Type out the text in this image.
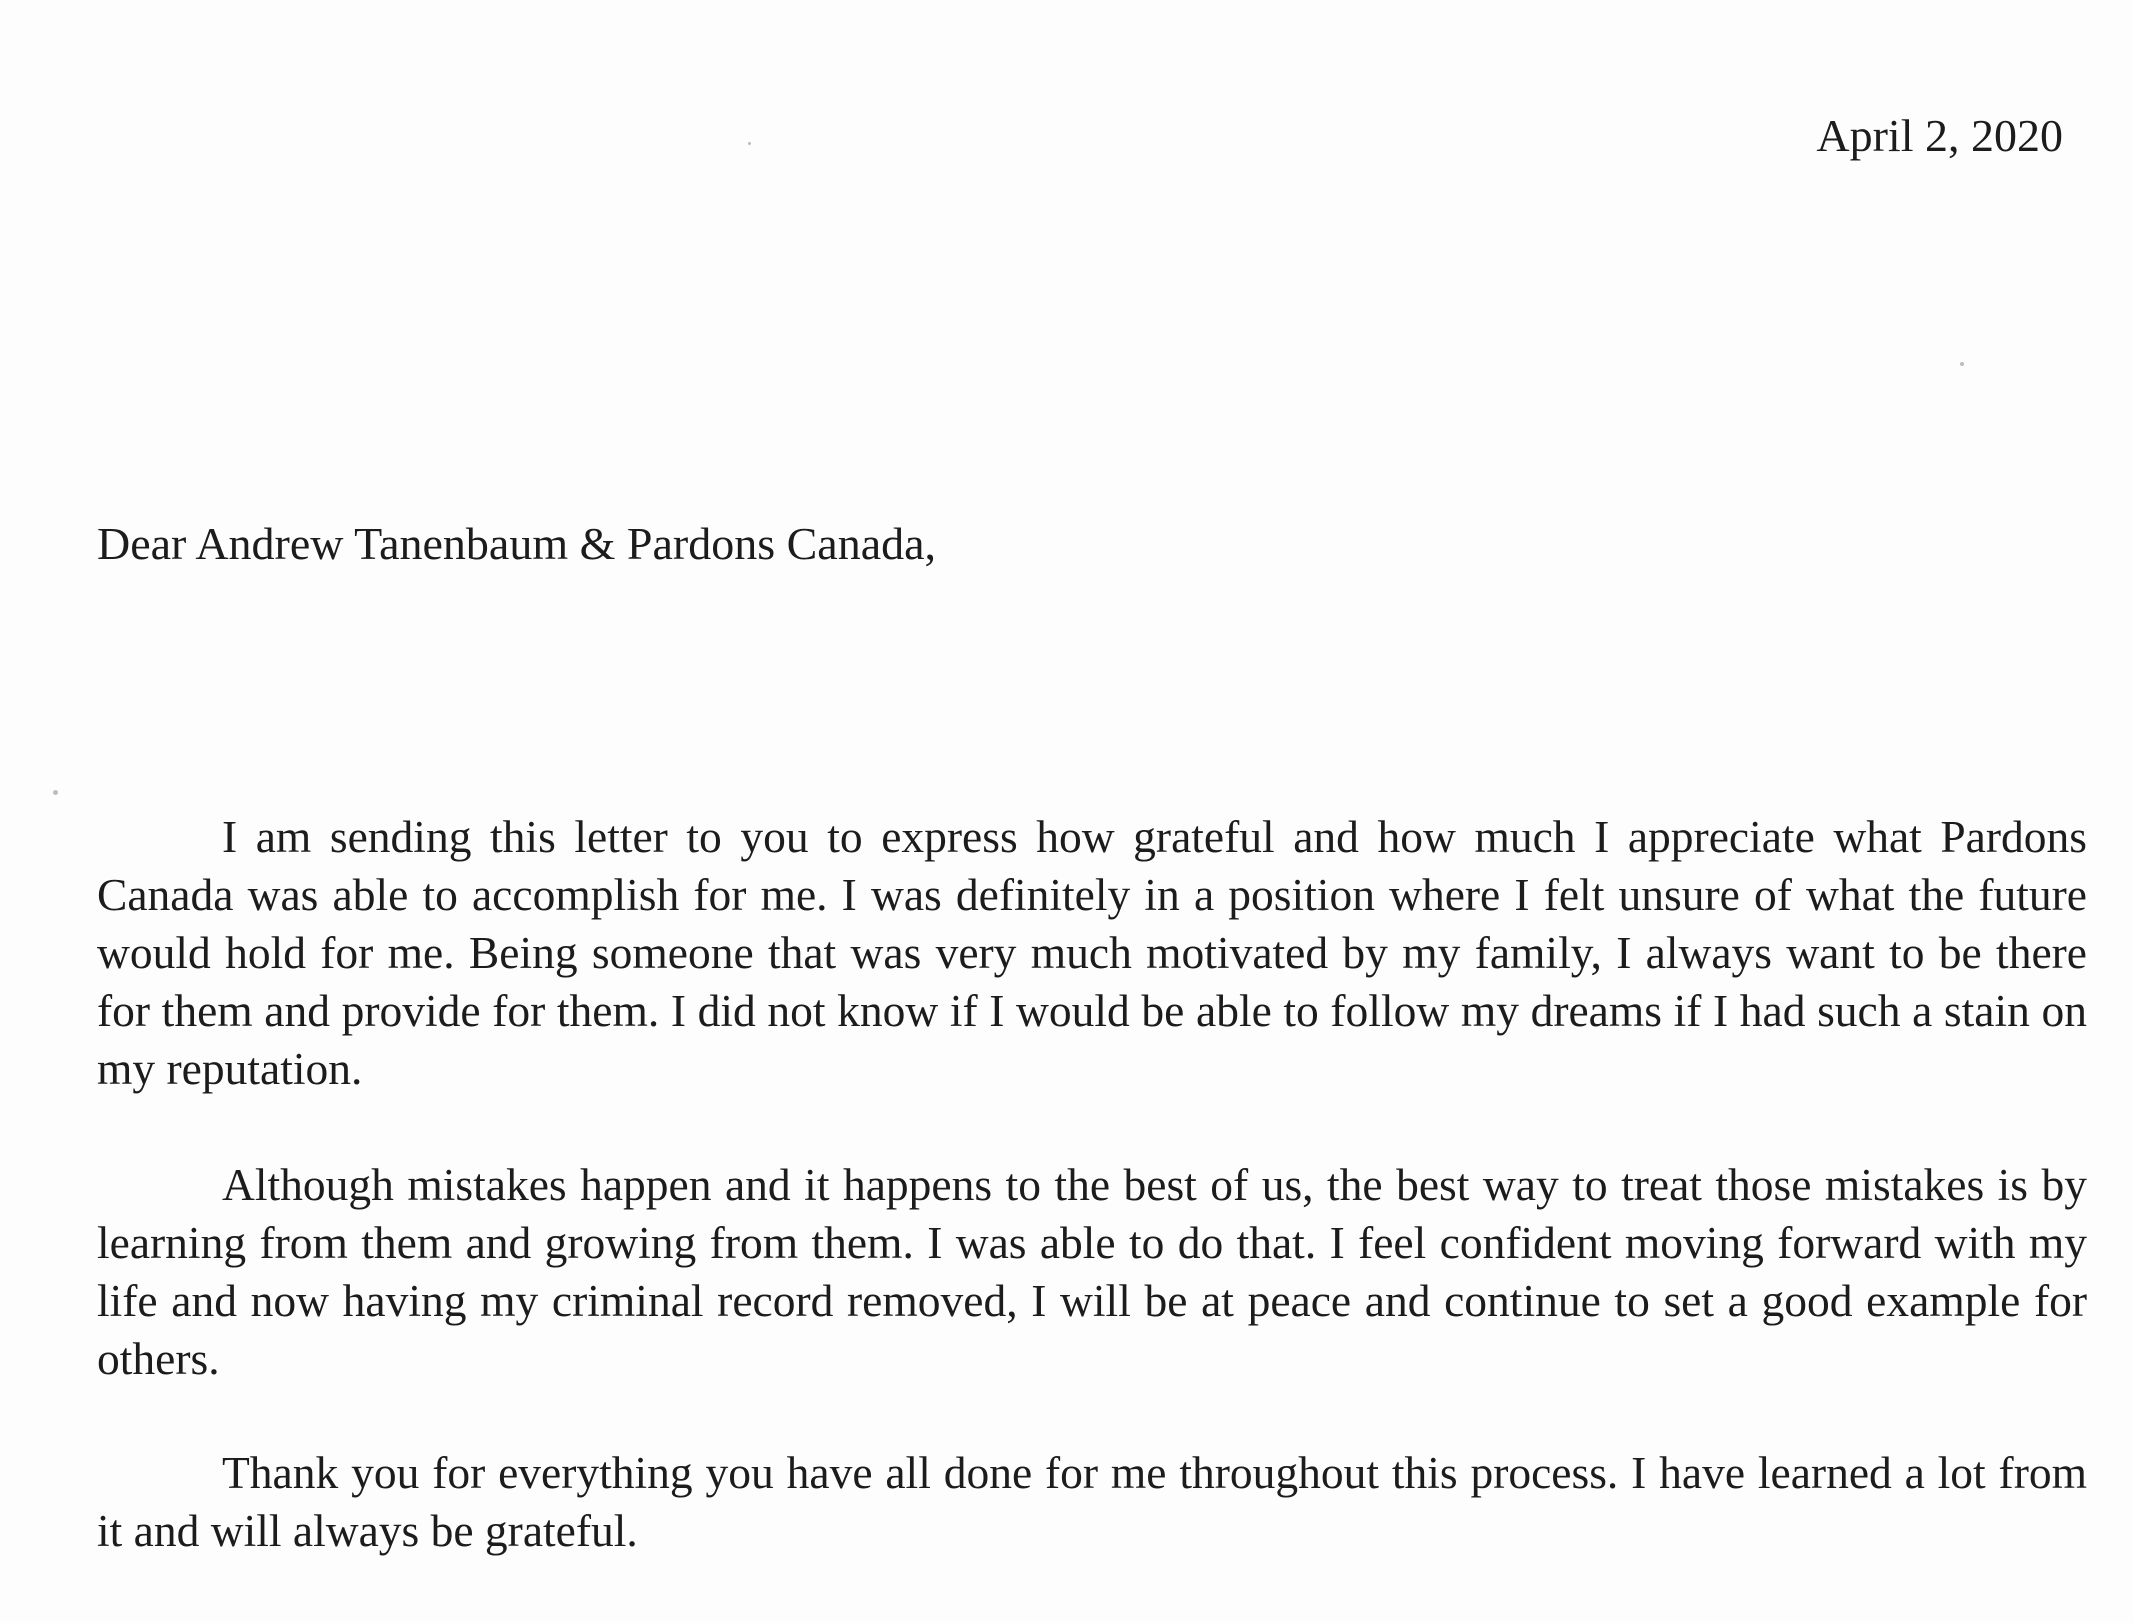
April 2, 2020
Dear Andrew Tanenbaum & Pardons Canada,

I am sending this letter to you to express how grateful and how much I appreciate what Pardons Canada was able to accomplish for me. I was definitely in a position where I felt unsure of what the future would hold for me. Being someone that was very much motivated by my family, I always want to be there for them and provide for them. I did not know if I would be able to follow my dreams if I had such a stain on my reputation.

Although mistakes happen and it happens to the best of us, the best way to treat those mistakes is by learning from them and growing from them. I was able to do that. I feel confident moving forward with my life and now having my criminal record removed, I will be at peace and continue to set a good example for others.

Thank you for everything you have all done for me throughout this process. I have learned a lot from it and will always be grateful.
